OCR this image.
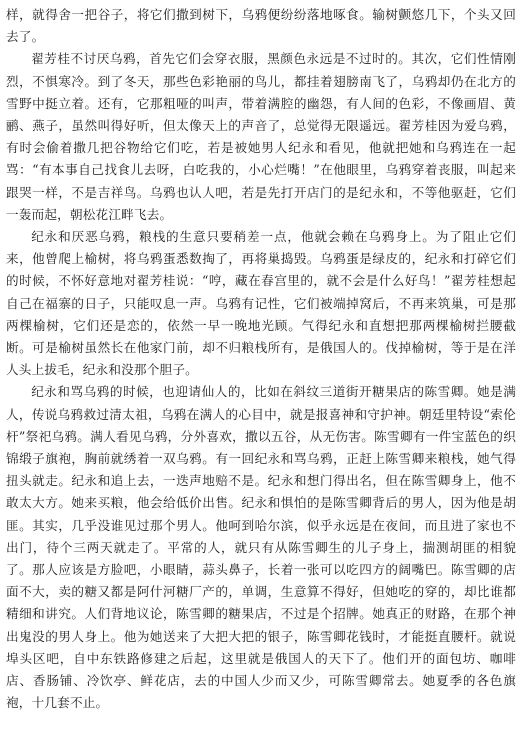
样，就得舍一把谷子，将它们撒到树下，乌鸦便纷纷落地啄食。输树颤悠几下，个头又回去了。

翟芳桂不讨厌乌鸦，首先它们会穿衣服，黑颜色永远是不过时的。其次，它们性情刚烈，不惧寒冷。到了冬天，那些色彩艳丽的鸟儿，都挂着翅膀南飞了，乌鸦却仍在北方的雪野中挺立着。还有，它那粗哑的叫声，带着满腔的幽怨，有人间的色彩，不像画眉、黄鹂、燕子，虽然叫得好听，但太像天上的声音了，总觉得无限遥远。翟芳桂因为爱乌鸦，有时会偷着撒几把谷物给它们吃，若是被她男人纪永和看见，他就把她和乌鸦连在一起骂：“有本事自己找食儿去呀，白吃我的，小心烂嘴！”在他眼里，乌鸦穿着丧服，叫起来跟哭一样，不是吉祥鸟。乌鸦也认人吧，若是先打开店门的是纪永和，不等他驱赶，它们一轰而起，朝松花江畔飞去。

纪永和厌恶乌鸦，粮栈的生意只要稍差一点，他就会赖在乌鸦身上。为了阻止它们来，他曾爬上榆树，将乌鸦蛋悉数掏了，再将巢捣毁。乌鸦蛋是绿皮的，纪永和打碎它们的时候，不怀好意地对翟芳桂说：“哼，藏在春宫里的，就不会是什么好鸟！”翟芳桂想起自己在福寨的日子，只能叹息一声。乌鸦有记性，它们被端掉窝后，不再来筑巢，可是那两棵榆树，它们还是恋的，依然一早一晚地光顾。气得纪永和直想把那两棵榆树拦腰截断。可是榆树虽然长在他家门前，却不归粮栈所有，是俄国人的。伐掉榆树，等于是在洋人头上拔毛，纪永和没那个胆子。

纪永和骂乌鸦的时候，也迎请仙人的，比如在斜纹三道街开糖果店的陈雪卿。她是满人，传说乌鸦救过清太祖，乌鸦在满人的心目中，就是报喜神和守护神。朝廷里特设“索伦杆”祭祀乌鸦。满人看见乌鸦，分外喜欢，撒以五谷，从无伤害。陈雪卿有一件宝蓝色的织锦缎子旗袍，胸前就绣着一双乌鸦。有一回纪永和骂乌鸦，正赶上陈雪卿来粮栈，她气得扭头就走。纪永和追上去，一迭声地赔不是。纪永和想门得出名，但在陈雪卿身上，他不敢太大方。她来买粮，他会给低价出售。纪永和惧怕的是陈雪卿背后的男人，因为他是胡匪。其实，几乎没谁见过那个男人。他呵到哈尔滨，似乎永远是在夜间，而且进了家也不出门，待个三两天就走了。平常的人，就只有从陈雪卿生的儿子身上，揣测胡匪的相貌了。那人应该是方脸吧，小眼睛，蒜头鼻子，长着一张可以吃四方的阔嘴巴。陈雪卿的店面不大，卖的糖又都是阿什河糖厂产的，单调，生意算不得好，但她吃的穿的，却比谁都精细和讲究。人们背地议论，陈雪卿的糖果店，不过是个招牌。她真正的财路，在那个神出鬼没的男人身上。他为她送来了大把大把的银子，陈雪卿花钱时，才能挺直腰杆。就说埠头区吧，自中东铁路修建之后起，这里就是俄国人的天下了。他们开的面包坊、咖啡店、香肠铺、冷饮亭、鲜花店，去的中国人少而又少，可陈雪卿常去。她夏季的各色旗袍，十几套不止。
